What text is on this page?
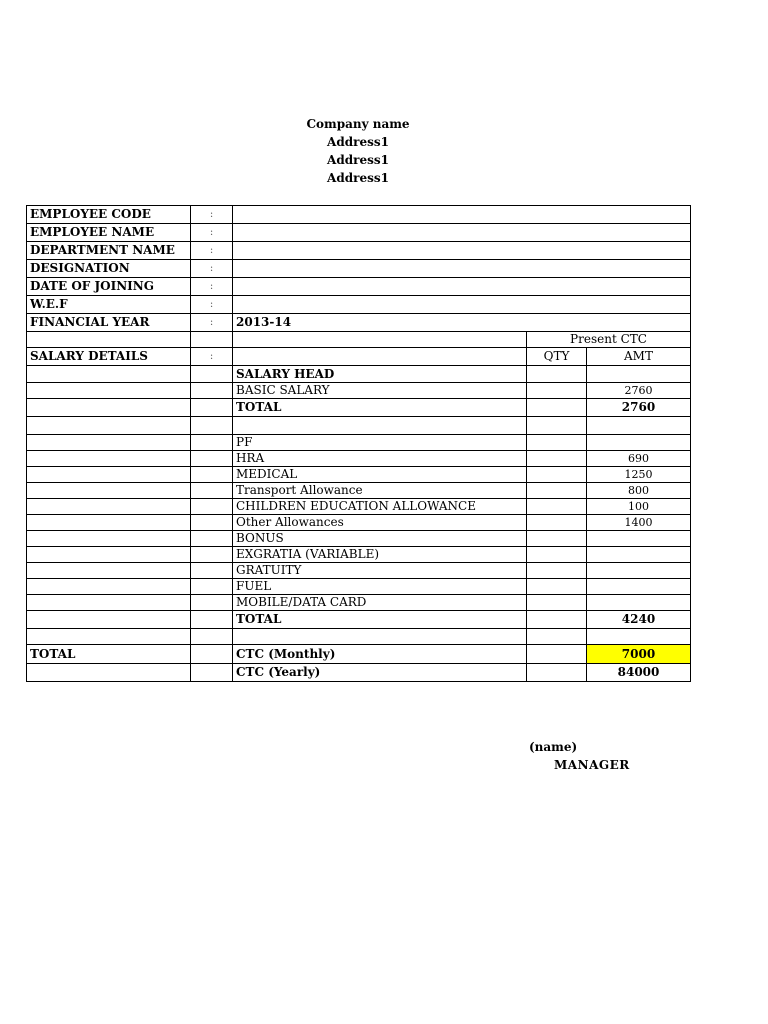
Company name
Address1
Address1
Address1
EMPLOYEE CODE	:			
EMPLOYEE NAME	:			
DEPARTMENT NAME	:			
DESIGNATION	:			
DATE OF JOINING	:			
W.E.F	:			
FINANCIAL YEAR	:	2013-14		
			Present CTC	
SALARY DETAILS	:		QTY	AMT
		SALARY HEAD		
		BASIC SALARY		2760
		TOTAL		2760

		PF		
		HRA		690
		MEDICAL		1250
		Transport Allowance		800
		CHILDREN EDUCATION ALLOWANCE		100
		Other Allowances		1400
		BONUS		
		EXGRATIA (VARIABLE)		
		GRATUITY		
		FUEL		
		MOBILE/DATA CARD		
		TOTAL		4240

TOTAL		CTC (Monthly)		7000
		CTC (Yearly)		84000
(name)
MANAGER
